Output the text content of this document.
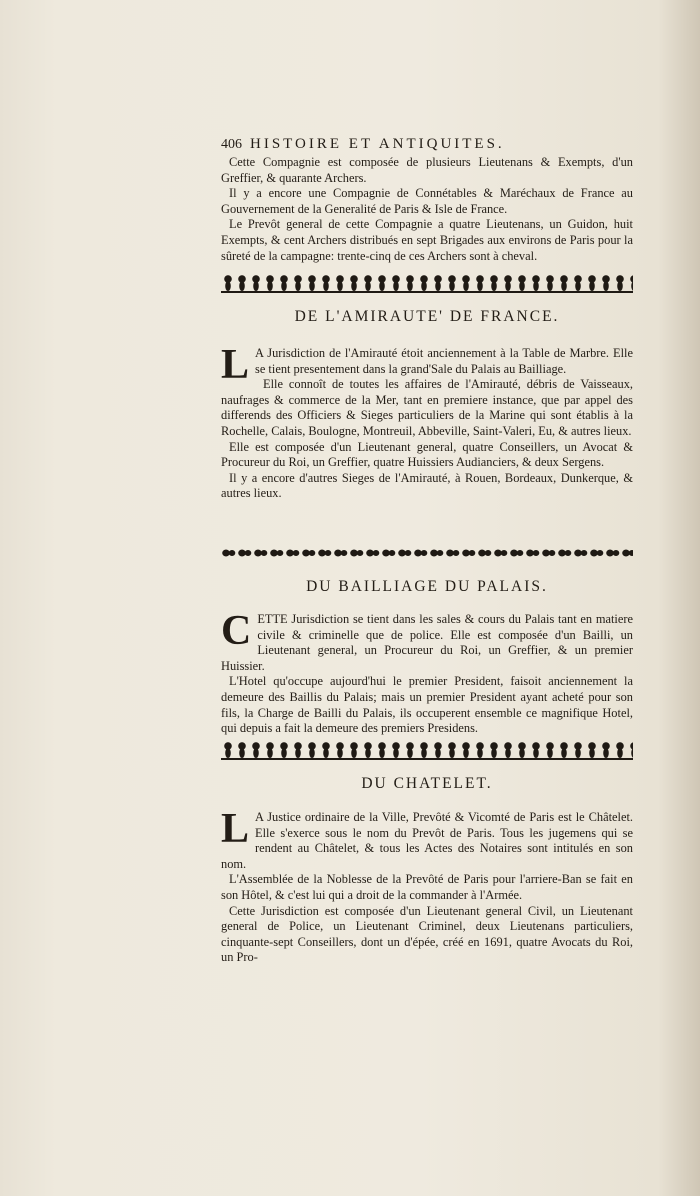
406 HISTOIRE ET ANTIQUITES.

Cette Compagnie est composée de plusieurs Lieutenans & Exempts, d'un Greffier, & quarante Archers.

Il y a encore une Compagnie de Connétables & Maréchaux de France au Gouvernement de la Generalité de Paris & Isle de France.

Le Prevôt general de cette Compagnie a quatre Lieutenans, un Guidon, huit Exempts, & cent Archers distribués en sept Brigades aux environs de Paris pour la sûreté de la campagne: trente-cinq de ces Archers sont à cheval.

DE L'AMIRAUTE' DE FRANCE.
L A Jurisdiction de l'Amirauté étoit anciennement à la Table de Marbre. Elle se tient presentement dans la grand'Sale du Palais au Bailliage.

Elle connoît de toutes les affaires de l'Amirauté, débris de Vaisseaux, naufrages & commerce de la Mer, tant en premiere instance, que par appel des differends des Officiers & Sieges particuliers de la Marine qui sont établis à la Rochelle, Calais, Boulogne, Montreuil, Abbeville, Saint-Valeri, Eu, & autres lieux.

Elle est composée d'un Lieutenant general, quatre Conseillers, un Avocat & Procureur du Roi, un Greffier, quatre Huissiers Audianciers, & deux Sergens.

Il y a encore d'autres Sieges de l'Amirauté, à Rouen, Bordeaux, Dunkerque, & autres lieux.

DU BAILLIAGE DU PALAIS.
C ETTE Jurisdiction se tient dans les sales & cours du Palais tant en matiere civile & criminelle que de police. Elle est composée d'un Bailli, un Lieutenant general, un Procureur du Roi, un Greffier, & un premier Huissier.

L'Hotel qu'occupe aujourd'hui le premier President, faisoit anciennement la demeure des Baillis du Palais; mais un premier President ayant acheté pour son fils, la Charge de Bailli du Palais, ils occuperent ensemble ce magnifique Hotel, qui depuis a fait la demeure des premiers Presidens.

DU CHATELET.
L A Justice ordinaire de la Ville, Prevôté & Vicomté de Paris est le Châtelet. Elle s'exerce sous le nom du Prevôt de Paris. Tous les jugemens qui se rendent au Châtelet, & tous les Actes des Notaires sont intitulés en son nom.

L'Assemblée de la Noblesse de la Prevôté de Paris pour l'arriere-Ban se fait en son Hôtel, & c'est lui qui a droit de la commander à l'Armée.

Cette Jurisdiction est composée d'un Lieutenant general Civil, un Lieutenant general de Police, un Lieutenant Criminel, deux Lieutenans particuliers, cinquante-sept Conseillers, dont un d'épée, créé en 1691, quatre Avocats du Roi, un Pro-
